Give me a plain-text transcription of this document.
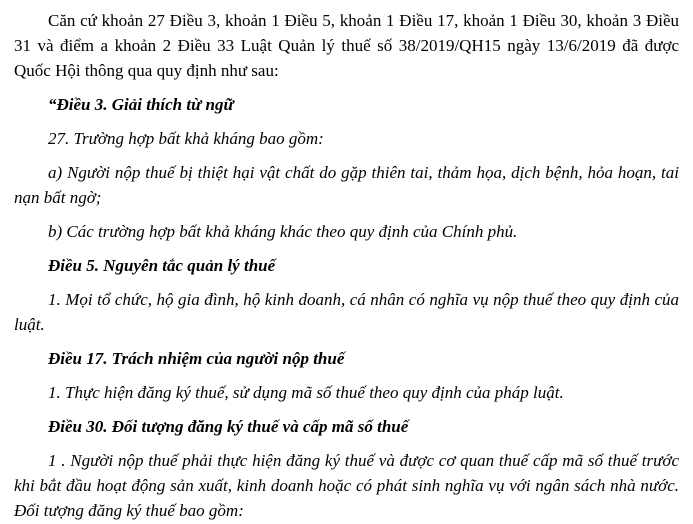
Căn cứ khoản 27 Điều 3, khoản 1 Điều 5, khoản 1 Điều 17, khoản 1 Điều 30, khoản 3 Điều 31 và điểm a khoản 2 Điều 33 Luật Quản lý thuế số 38/2019/QH15 ngày 13/6/2019 đã được Quốc Hội thông qua quy định như sau:

“Điều 3. Giải thích từ ngữ

27. Trường hợp bất khả kháng bao gồm:

a) Người nộp thuế bị thiệt hại vật chất do gặp thiên tai, thảm họa, dịch bệnh, hỏa hoạn, tai nạn bất ngờ;

b) Các trường hợp bất khả kháng khác theo quy định của Chính phủ.

Điều 5. Nguyên tắc quản lý thuế

1. Mọi tổ chức, hộ gia đình, hộ kinh doanh, cá nhân có nghĩa vụ nộp thuế theo quy định của luật.

Điều 17. Trách nhiệm của người nộp thuế

1. Thực hiện đăng ký thuế, sử dụng mã số thuế theo quy định của pháp luật.

Điều 30. Đối tượng đăng ký thuế và cấp mã số thuế

1 . Người nộp thuế phải thực hiện đăng ký thuế và được cơ quan thuế cấp mã số thuế trước khi bắt đầu hoạt động sản xuất, kinh doanh hoặc có phát sinh nghĩa vụ với ngân sách nhà nước. Đối tượng đăng ký thuế bao gồm:
